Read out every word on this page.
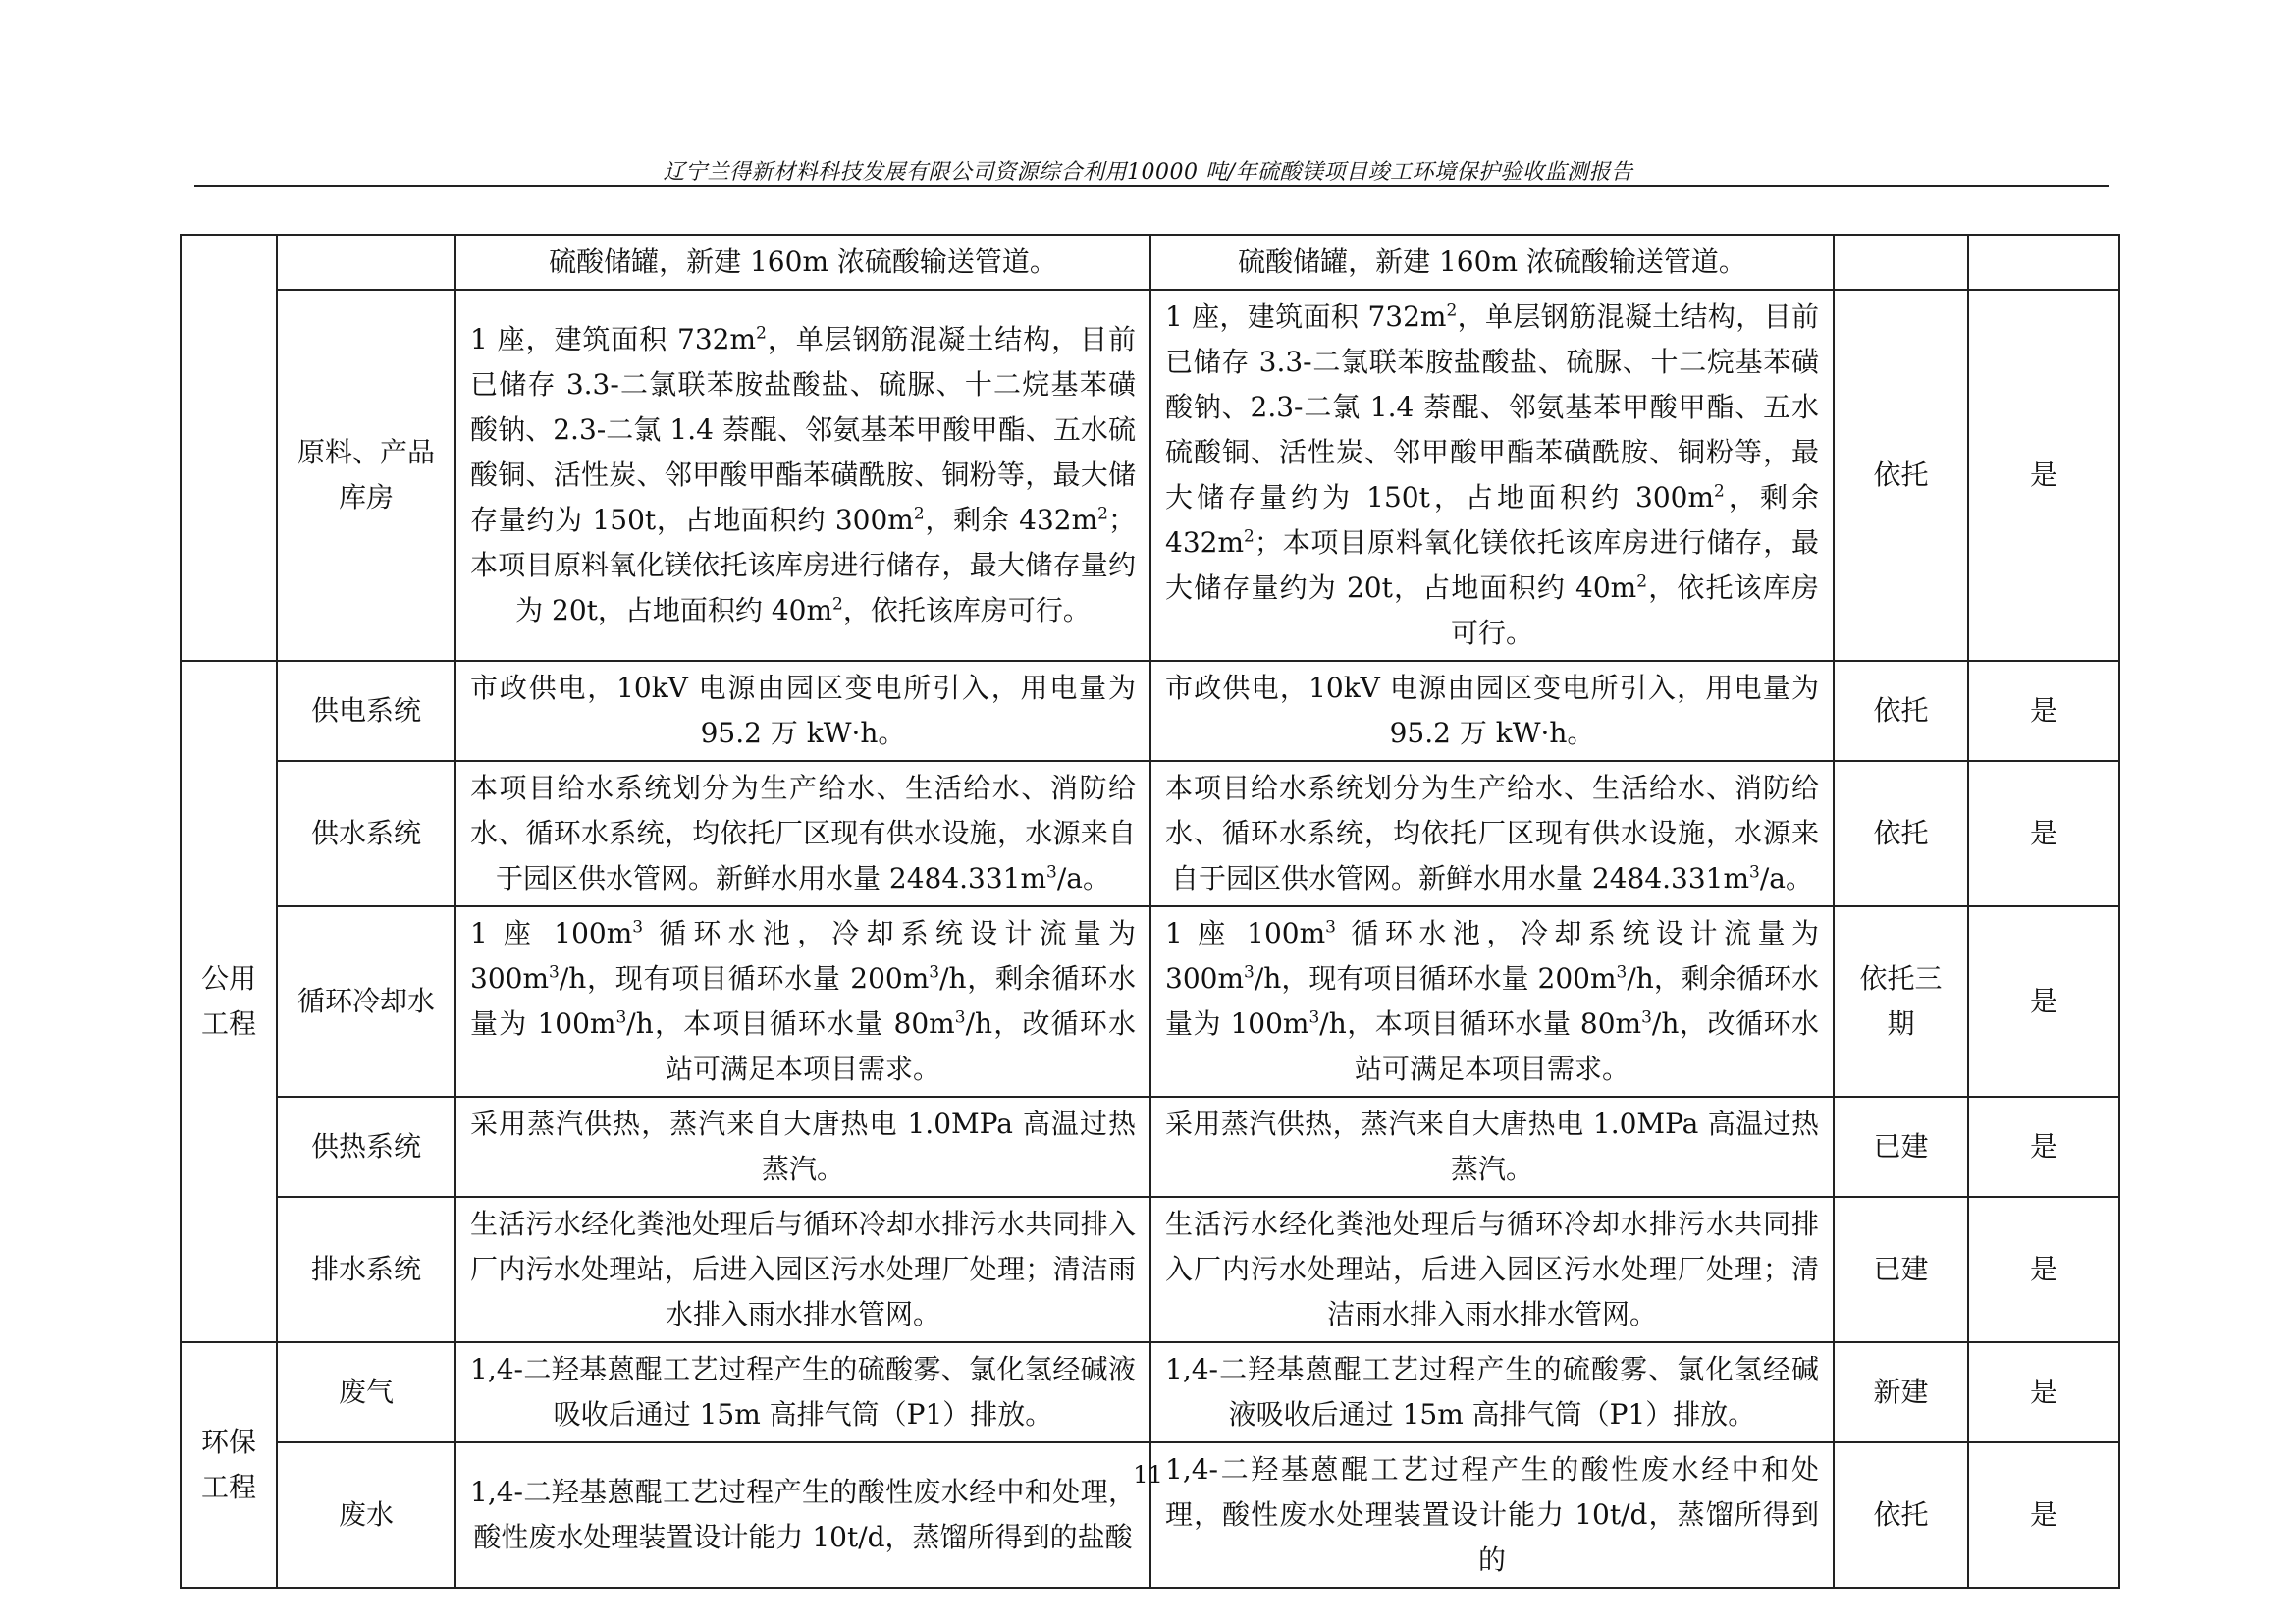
辽宁兰得新材料科技发展有限公司资源综合利用10000 吨/年硫酸镁项目竣工环境保护验收监测报告
		硫酸储罐，新建 160m 浓硫酸输送管道。	硫酸储罐，新建 160m 浓硫酸输送管道。		
	原料、产品库房	1 座，建筑面积 $732m^2$，单层钢筋混凝土结构，目前已储存 3.3-二氯联苯胺盐酸盐、硫脲、十二烷基苯磺酸钠、2.3-二氯 1.4 萘醌、邻氨基苯甲酸甲酯、五水硫酸铜、活性炭、邻甲酸甲酯苯磺酰胺、铜粉等，最大储存量约为 150t，占地面积约 $300m^2$，剩余 $432m^2$；本项目原料氧化镁依托该库房进行储存，最大储存量约为 20t，占地面积约 $40m^2$，依托该库房可行。	1 座，建筑面积 $732m^2$，单层钢筋混凝土结构，目前已储存 3.3-二氯联苯胺盐酸盐、硫脲、十二烷基苯磺酸钠、2.3-二氯 1.4 萘醌、邻氨基苯甲酸甲酯、五水硫酸铜、活性炭、邻甲酸甲酯苯磺酰胺、铜粉等，最大储存量约为 150t，占地面积约 $300m^2$，剩余 $432m^2$；本项目原料氧化镁依托该库房进行储存，最大储存量约为 20t，占地面积约 $40m^2$，依托该库房可行。	依托	是
公用工程	供电系统	市政供电，10kV 电源由园区变电所引入，用电量为 95.2 万 kW·h。	市政供电，10kV 电源由园区变电所引入，用电量为 95.2 万 kW·h。	依托	是
	供水系统	本项目给水系统划分为生产给水、生活给水、消防给水、循环水系统，均依托厂区现有供水设施，水源来自于园区供水管网。新鲜水用水量 $2484.331m^3/a$。	本项目给水系统划分为生产给水、生活给水、消防给水、循环水系统，均依托厂区现有供水设施，水源来自于园区供水管网。新鲜水用水量 $2484.331m^3/a$。	依托	是
	循环冷却水	1 座 $100m^3$ 循环水池，冷却系统设计流量为 $300m^3/h$，现有项目循环水量 $200m^3/h$，剩余循环水量为 $100m^3/h$，本项目循环水量 $80m^3/h$，改循环水站可满足本项目需求。	1 座 $100m^3$ 循环水池，冷却系统设计流量为 $300m^3/h$，现有项目循环水量 $200m^3/h$，剩余循环水量为 $100m^3/h$，本项目循环水量 $80m^3/h$，改循环水站可满足本项目需求。	依托三期	是
	供热系统	采用蒸汽供热，蒸汽来自大唐热电 1.0MPa 高温过热蒸汽。	采用蒸汽供热，蒸汽来自大唐热电 1.0MPa 高温过热蒸汽。	已建	是
	排水系统	生活污水经化粪池处理后与循环冷却水排污水共同排入厂内污水处理站，后进入园区污水处理厂处理；清洁雨水排入雨水排水管网。	生活污水经化粪池处理后与循环冷却水排污水共同排入厂内污水处理站，后进入园区污水处理厂处理；清洁雨水排入雨水排水管网。	已建	是
环保工程	废气	1,4-二羟基蒽醌工艺过程产生的硫酸雾、氯化氢经碱液吸收后通过 15m 高排气筒（P1）排放。	1,4-二羟基蒽醌工艺过程产生的硫酸雾、氯化氢经碱液吸收后通过 15m 高排气筒（P1）排放。	新建	是
	废水	1,4-二羟基蒽醌工艺过程产生的酸性废水经中和处理，酸性废水处理装置设计能力 10t/d，蒸馏所得到的盐酸	1,4-二羟基蒽醌工艺过程产生的酸性废水经中和处理，酸性废水处理装置设计能力 10t/d，蒸馏所得到的	依托	是
11
